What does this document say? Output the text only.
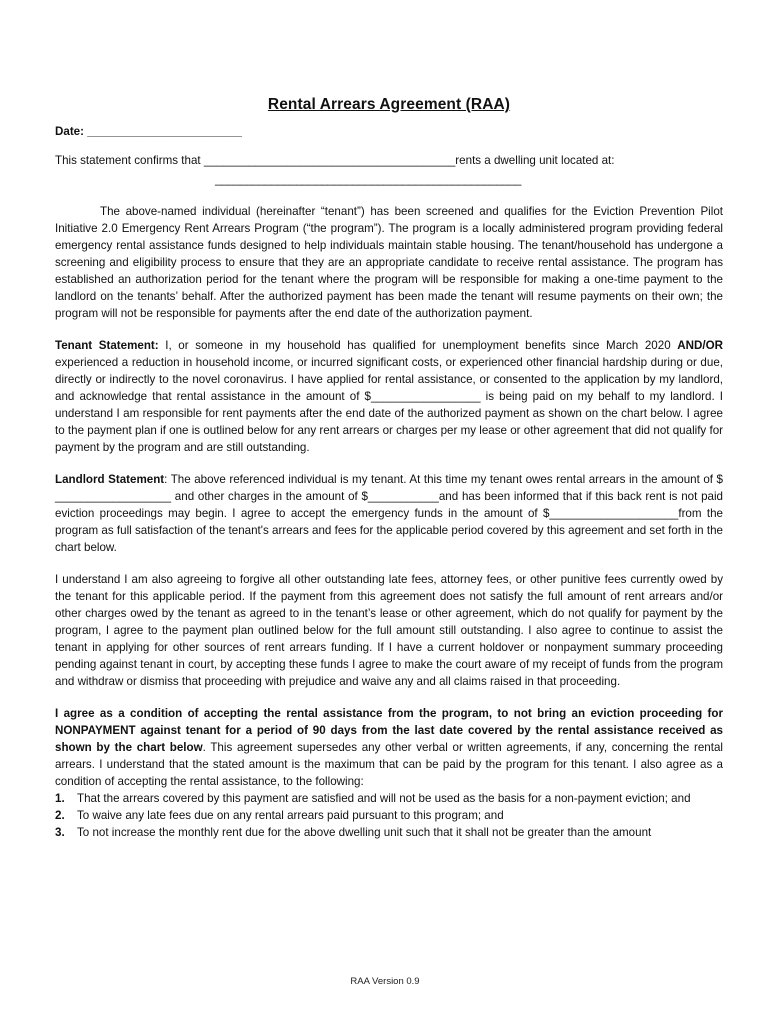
Rental Arrears Agreement (RAA)
Date: ________________________

This statement confirms that _______________________________________rents a dwelling unit located at:

_________________________________________________

The above-named individual (hereinafter “tenant”) has been screened and qualifies for the Eviction Prevention Pilot Initiative 2.0 Emergency Rent Arrears Program (“the program”). The program is a locally administered program providing federal emergency rental assistance funds designed to help individuals maintain stable housing. The tenant/household has undergone a screening and eligibility process to ensure that they are an appropriate candidate to receive rental assistance. The program has established an authorization period for the tenant where the program will be responsible for making a one-time payment to the landlord on the tenants’ behalf. After the authorized payment has been made the tenant will resume payments on their own; the program will not be responsible for payments after the end date of the authorization payment.

Tenant Statement: I, or someone in my household has qualified for unemployment benefits since March 2020 AND/OR experienced a reduction in household income, or incurred significant costs, or experienced other financial hardship during or due, directly or indirectly to the novel coronavirus. I have applied for rental assistance, or consented to the application by my landlord, and acknowledge that rental assistance in the amount of $_________________ is being paid on my behalf to my landlord. I understand I am responsible for rent payments after the end date of the authorized payment as shown on the chart below. I agree to the payment plan if one is outlined below for any rent arrears or charges per my lease or other agreement that did not qualify for payment by the program and are still outstanding.

Landlord Statement: The above referenced individual is my tenant. At this time my tenant owes rental arrears in the amount of $ __________________ and other charges in the amount of $___________and has been informed that if this back rent is not paid eviction proceedings may begin. I agree to accept the emergency funds in the amount of $____________________from the program as full satisfaction of the tenant's arrears and fees for the applicable period covered by this agreement and set forth in the chart below.

I understand I am also agreeing to forgive all other outstanding late fees, attorney fees, or other punitive fees currently owed by the tenant for this applicable period. If the payment from this agreement does not satisfy the full amount of rent arrears and/or other charges owed by the tenant as agreed to in the tenant’s lease or other agreement, which do not qualify for payment by the program, I agree to the payment plan outlined below for the full amount still outstanding. I also agree to continue to assist the tenant in applying for other sources of rent arrears funding. If I have a current holdover or nonpayment summary proceeding pending against tenant in court, by accepting these funds I agree to make the court aware of my receipt of funds from the program and withdraw or dismiss that proceeding with prejudice and waive any and all claims raised in that proceeding.

I agree as a condition of accepting the rental assistance from the program, to not bring an eviction proceeding for NONPAYMENT against tenant for a period of 90 days from the last date covered by the rental assistance received as shown by the chart below. This agreement supersedes any other verbal or written agreements, if any, concerning the rental arrears. I understand that the stated amount is the maximum that can be paid by the program for this tenant. I also agree as a condition of accepting the rental assistance, to the following:

1. That the arrears covered by this payment are satisfied and will not be used as the basis for a non-payment eviction; and
2. To waive any late fees due on any rental arrears paid pursuant to this program; and
3. To not increase the monthly rent due for the above dwelling unit such that it shall not be greater than the amount
RAA Version 0.9
